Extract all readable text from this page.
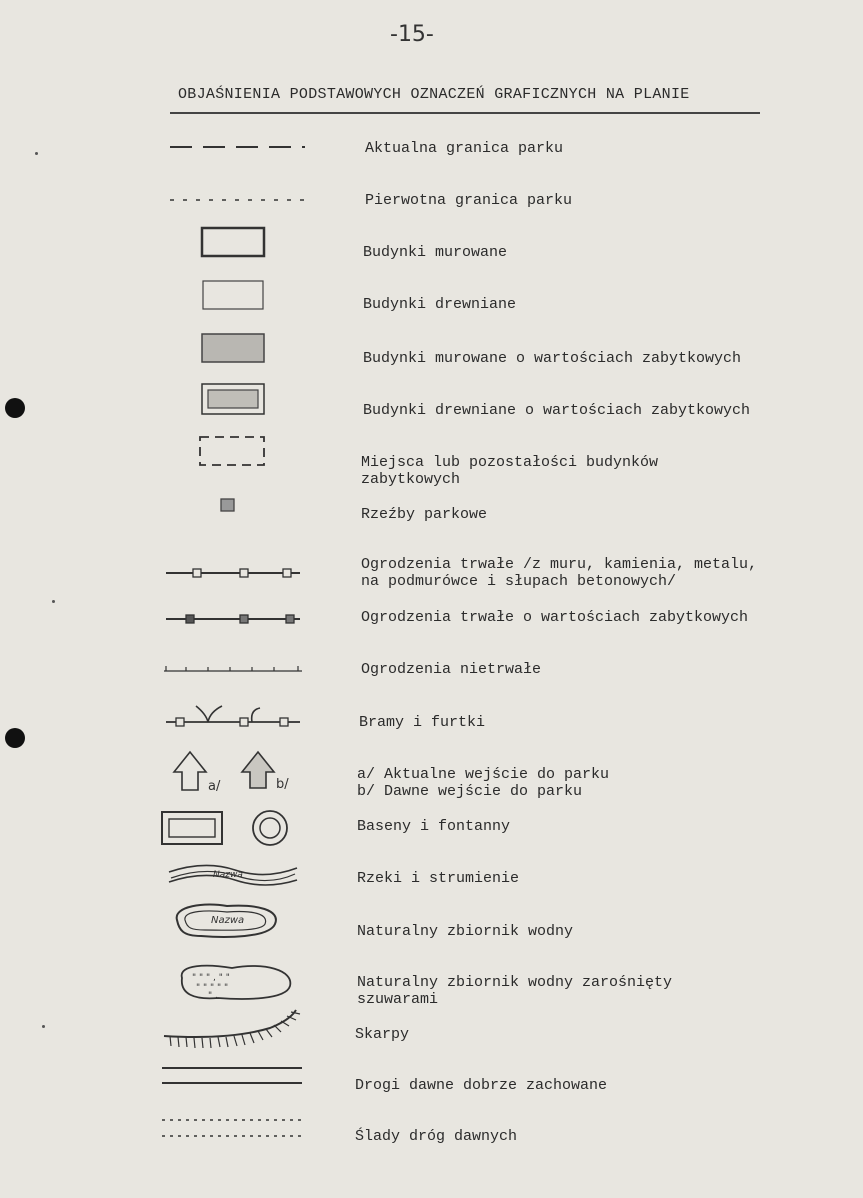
-15-
OBJAŚNIENIA PODSTAWOWYCH OZNACZEŃ GRAFICZNYCH NA PLANIE
Aktualna granica parku
Pierwotna granica parku
Budynki murowane
Budynki drewniane
Budynki murowane o wartościach zabytkowych
Budynki drewniane o wartościach zabytkowych
Miejsca lub pozostałości budynków
zabytkowych
Rzeźby parkowe
Ogrodzenia trwałe /z muru, kamienia, metalu,
na podmurówce i słupach betonowych/
Ogrodzenia trwałe o wartościach zabytkowych
Ogrodzenia nietrwałe
Bramy i furtki
a/	b/
a/ Aktualne wejście do parku
b/ Dawne wejście do parku
Baseny i fontanny
Nazwa	Rzeki i strumienie
Nazwa
Naturalny zbiornik wodny
" " " , " "
" " " " "
" ,
Naturalny zbiornik wodny zarośnięty
szuwarami
Skarpy
Drogi dawne dobrze zachowane
Ślady dróg dawnych
